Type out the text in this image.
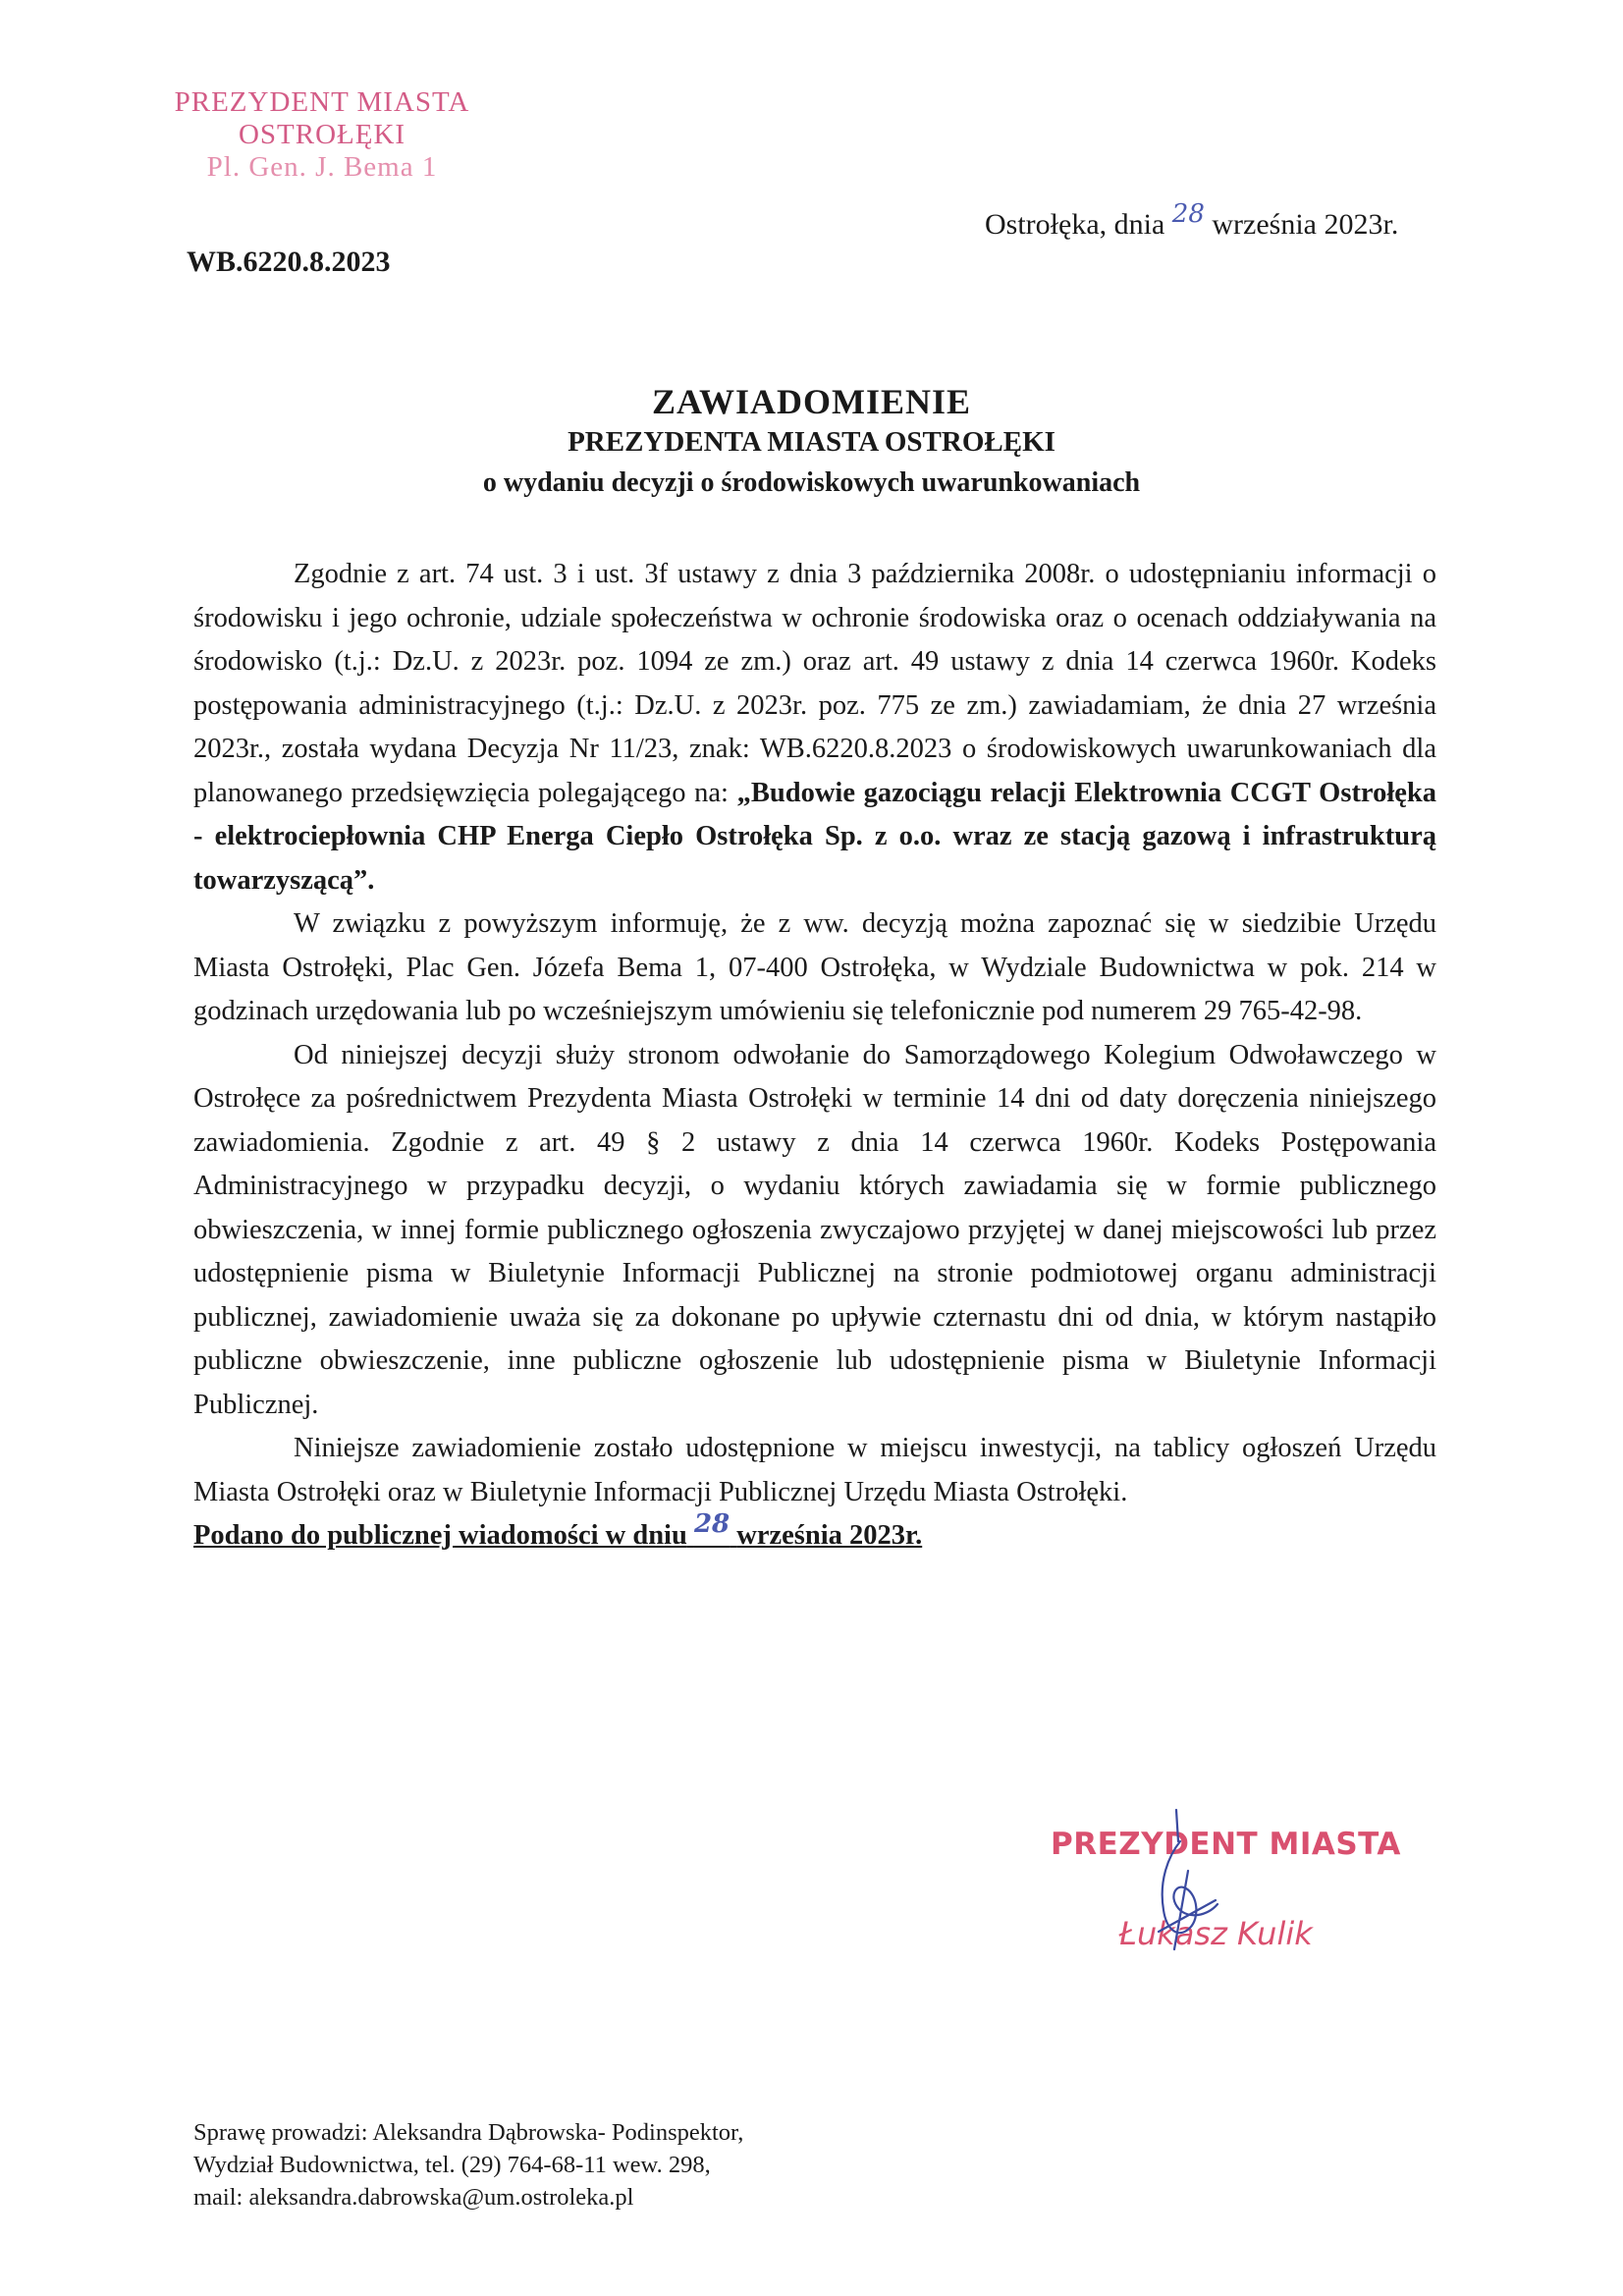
PREZYDENT MIASTA
OSTROŁĘKI
Pl. Gen. J. Bema 1
Ostrołęka, dnia 28 września 2023r.
WB.6220.8.2023
ZAWIADOMIENIE
PREZYDENTA MIASTA OSTROŁĘKI
o wydaniu decyzji o środowiskowych uwarunkowaniach

Zgodnie z art. 74 ust. 3 i ust. 3f ustawy z dnia 3 października 2008r. o udostępnianiu informacji o środowisku i jego ochronie, udziale społeczeństwa w ochronie środowiska oraz o ocenach oddziaływania na środowisko (t.j.: Dz.U. z 2023r. poz. 1094 ze zm.) oraz art. 49 ustawy z dnia 14 czerwca 1960r. Kodeks postępowania administracyjnego (t.j.: Dz.U. z 2023r. poz. 775 ze zm.) zawiadamiam, że dnia 27 września 2023r., została wydana Decyzja Nr 11/23, znak: WB.6220.8.2023 o środowiskowych uwarunkowaniach dla planowanego przedsięwzięcia polegającego na: „Budowie gazociągu relacji Elektrownia CCGT Ostrołęka - elektrociepłownia CHP Energa Ciepło Ostrołęka Sp. z o.o. wraz ze stacją gazową i infrastrukturą towarzyszącą”.

W związku z powyższym informuję, że z ww. decyzją można zapoznać się w siedzibie Urzędu Miasta Ostrołęki, Plac Gen. Józefa Bema 1, 07-400 Ostrołęka, w Wydziale Budownictwa w pok. 214 w godzinach urzędowania lub po wcześniejszym umówieniu się telefonicznie pod numerem 29 765-42-98.

Od niniejszej decyzji służy stronom odwołanie do Samorządowego Kolegium Odwoławczego w Ostrołęce za pośrednictwem Prezydenta Miasta Ostrołęki w terminie 14 dni od daty doręczenia niniejszego zawiadomienia. Zgodnie z art. 49 § 2 ustawy z dnia 14 czerwca 1960r. Kodeks Postępowania Administracyjnego w przypadku decyzji, o wydaniu których zawiadamia się w formie publicznego obwieszczenia, w innej formie publicznego ogłoszenia zwyczajowo przyjętej w danej miejscowości lub przez udostępnienie pisma w Biuletynie Informacji Publicznej na stronie podmiotowej organu administracji publicznej, zawiadomienie uważa się za dokonane po upływie czternastu dni od dnia, w którym nastąpiło publiczne obwieszczenie, inne publiczne ogłoszenie lub udostępnienie pisma w Biuletynie Informacji Publicznej.

Niniejsze zawiadomienie zostało udostępnione w miejscu inwestycji, na tablicy ogłoszeń Urzędu Miasta Ostrołęki oraz w Biuletynie Informacji Publicznej Urzędu Miasta Ostrołęki.

Podano do publicznej wiadomości w dniu 28 września 2023r.

PREZYDENT MIASTA
Łukasz Kulik
Sprawę prowadzi: Aleksandra Dąbrowska- Podinspektor,
Wydział Budownictwa, tel. (29) 764-68-11 wew. 298,
mail: aleksandra.dabrowska@um.ostroleka.pl
